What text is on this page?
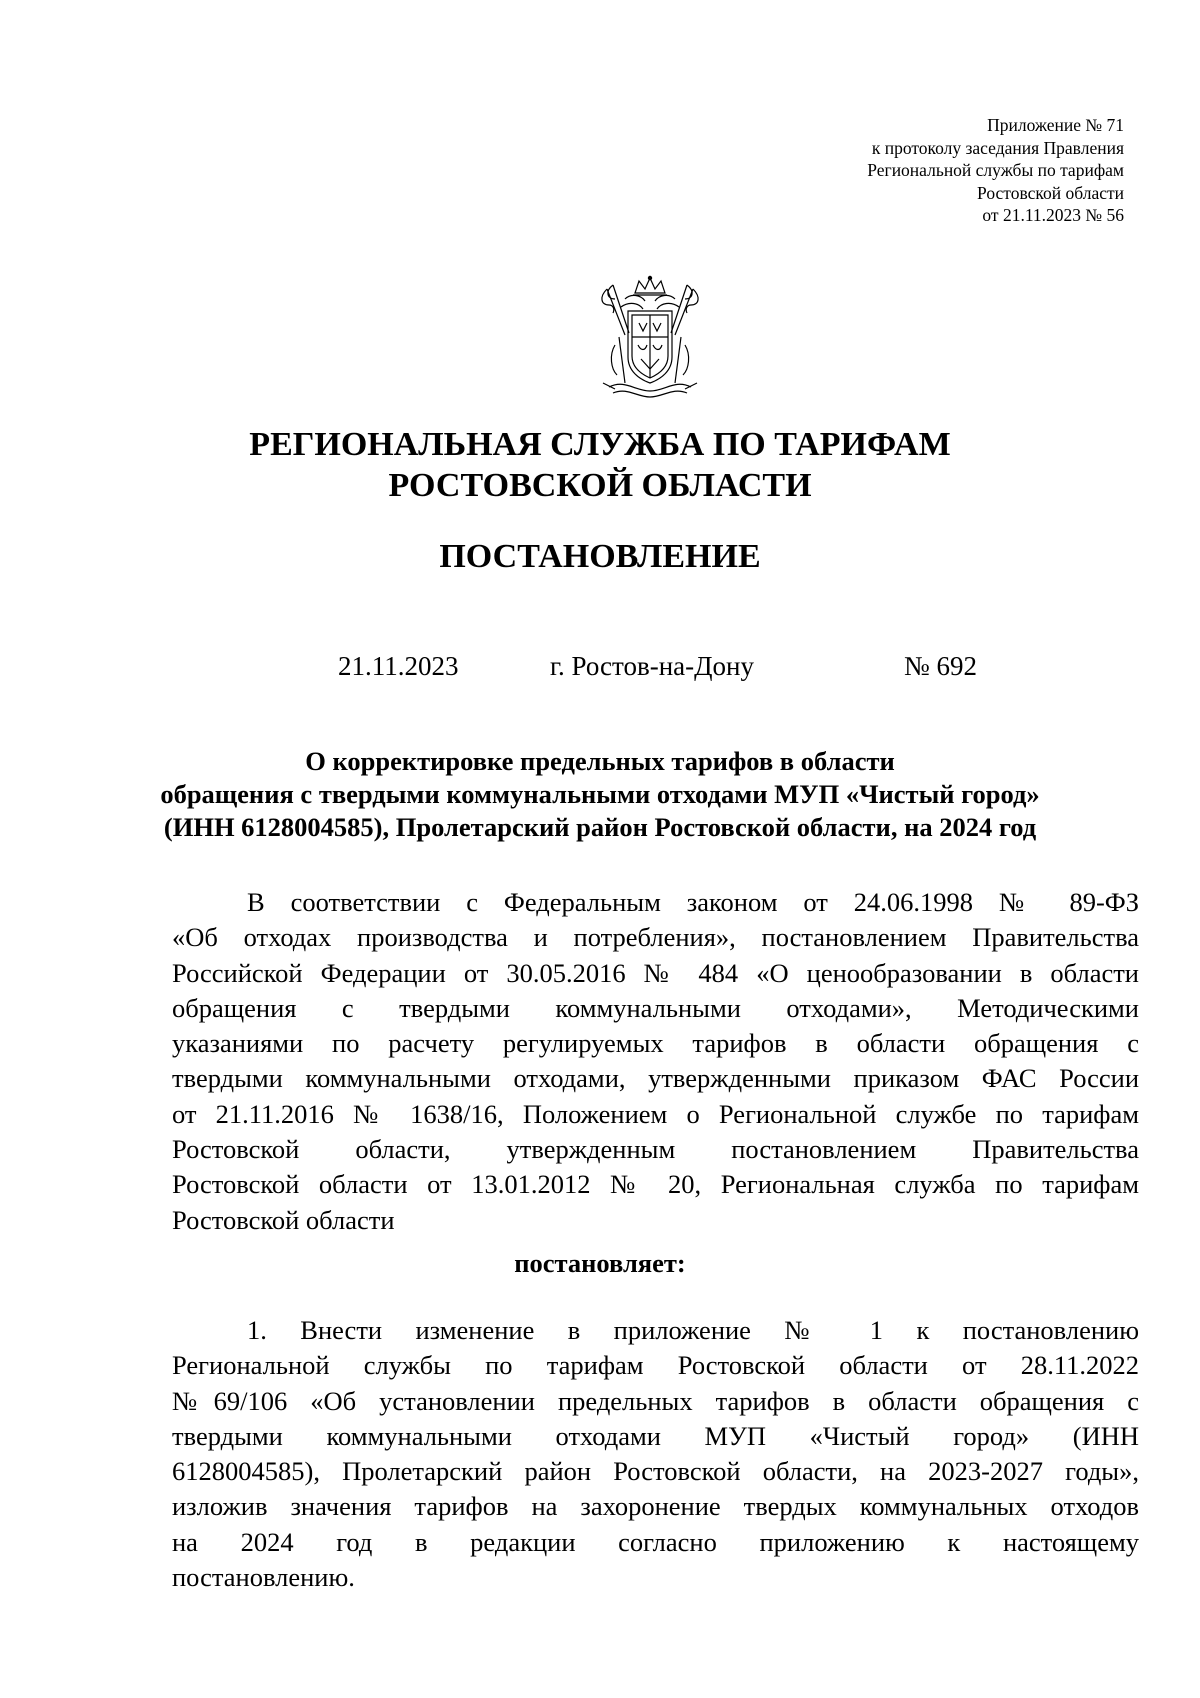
Приложение № 71
к протоколу заседания Правления
Региональной службы по тарифам
Ростовской области
от 21.11.2023 № 56
РЕГИОНАЛЬНАЯ СЛУЖБА ПО ТАРИФАМ
РОСТОВСКОЙ ОБЛАСТИ
ПОСТАНОВЛЕНИЕ
21.11.2023	г. Ростов-на-Дону	№ 692
О корректировке предельных тарифов в области
обращения с твердыми коммунальными отходами МУП «Чистый город»
(ИНН 6128004585), Пролетарский район Ростовской области, на 2024 год
В соответствии с Федеральным законом от 24.06.1998 № 89-ФЗ
«Об отходах производства и потребления», постановлением Правительства
Российской Федерации от 30.05.2016 № 484 «О ценообразовании в области
обращения с твердыми коммунальными отходами», Методическими
указаниями по расчету регулируемых тарифов в области обращения с
твердыми коммунальными отходами, утвержденными приказом ФАС России
от 21.11.2016 № 1638/16, Положением о Региональной службе по тарифам
Ростовской области, утвержденным постановлением Правительства
Ростовской области от 13.01.2012 № 20, Региональная служба по тарифам
Ростовской области
постановляет:
1. Внести изменение в приложение № 1 к постановлению
Региональной службы по тарифам Ростовской области от 28.11.2022
№69/106 «Об установлении предельных тарифов в области обращения с
твердыми коммунальными отходами МУП «Чистый город» (ИНН
6128004585), Пролетарский район Ростовской области, на 2023-2027 годы»,
изложив значения тарифов на захоронение твердых коммунальных отходов
на 2024 год в редакции согласно приложению к настоящему
постановлению.
